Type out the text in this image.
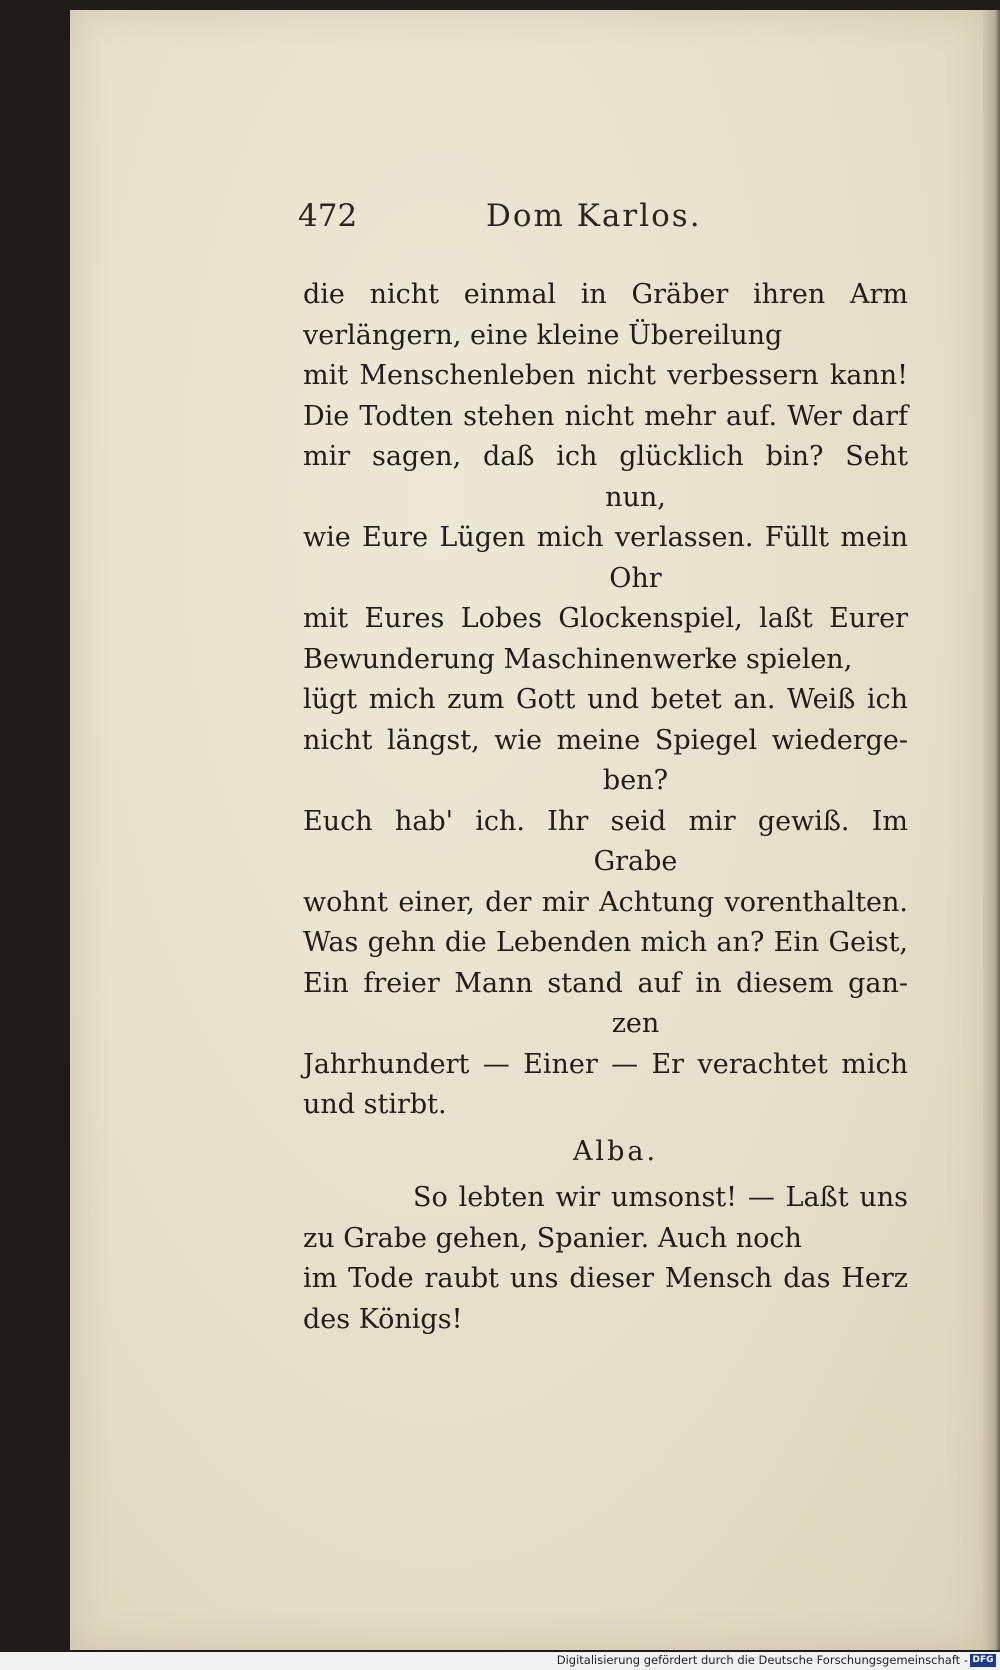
472	Dom Karlos.
die nicht einmal in Gräber ihren Arm
verlängern, eine kleine Übereilung
mit Menschenleben nicht verbessern kann!
Die Todten stehen nicht mehr auf. Wer darf
mir sagen, daß ich glücklich bin? Seht
nun,
wie Eure Lügen mich verlassen. Füllt mein
Ohr
mit Eures Lobes Glockenspiel, laßt Eurer
Bewunderung Maschinenwerke spielen,
lügt mich zum Gott und betet an. Weiß ich
nicht längst, wie meine Spiegel wiederge-
ben?
Euch hab' ich. Ihr seid mir gewiß. Im
Grabe
wohnt einer, der mir Achtung vorenthalten.
Was gehn die Lebenden mich an? Ein Geist,
Ein freier Mann stand auf in diesem gan-
zen
Jahrhundert — Einer — Er verachtet mich
und stirbt.
Alba.
So lebten wir umsonst! — Laßt uns
zu Grabe gehen, Spanier. Auch noch
im Tode raubt uns dieser Mensch das Herz
des Königs!
Digitalisierung gefördert durch die Deutsche Forschungsgemeinschaft - DFG
